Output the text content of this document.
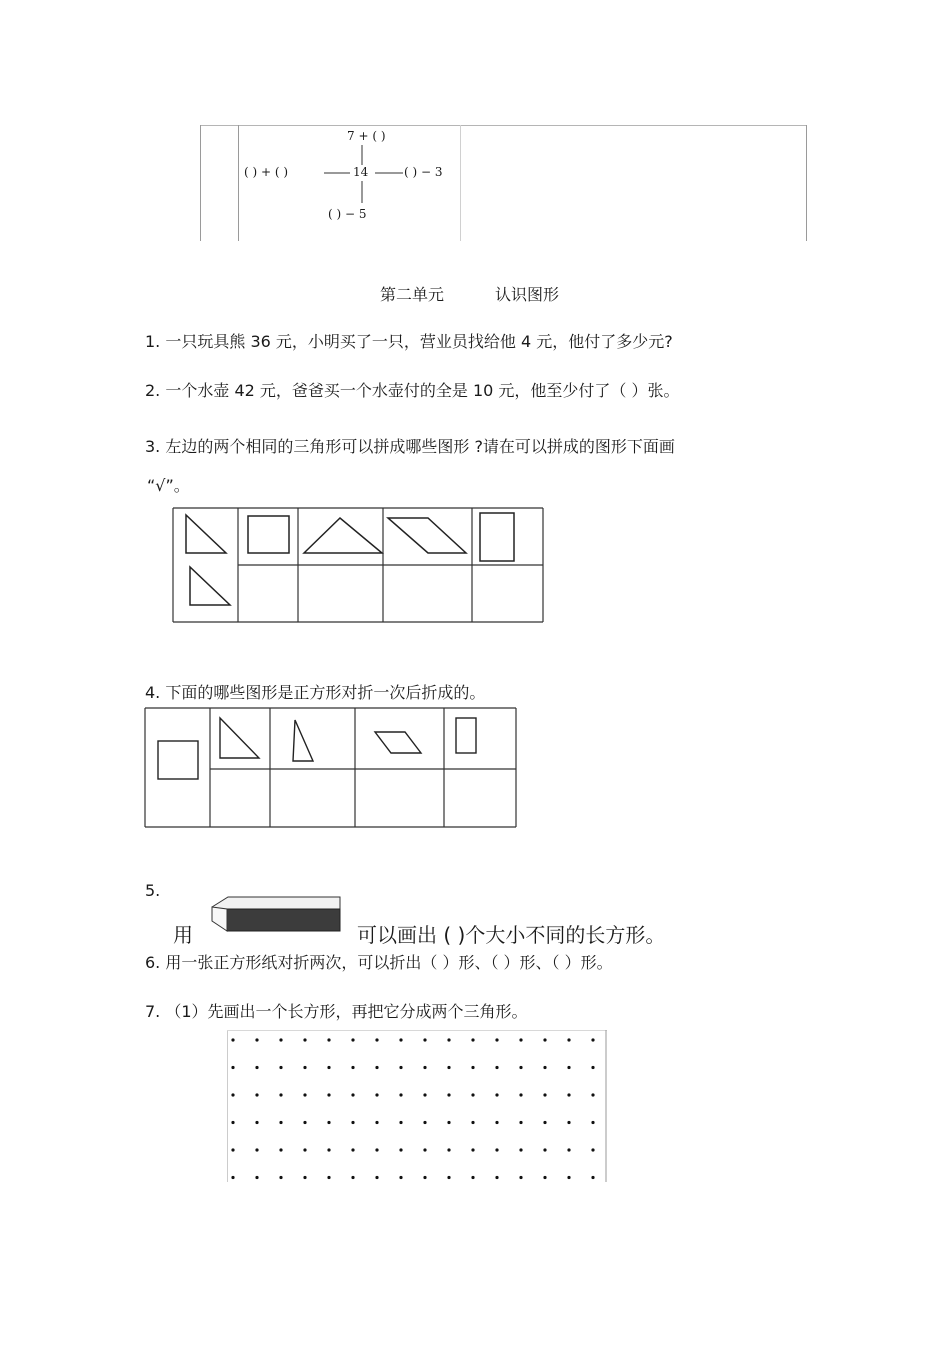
7 + ( )
( ) + ( )	14	( ) − 3
( ) − 5
第二单元	认识图形
1. 一只玩具熊 36 元，小明买了一只，营业员找给他 4 元，他付了多少元?
2. 一个水壶 42 元，爸爸买一个水壶付的全是 10 元，他至少付了（ ）张。
3. 左边的两个相同的三角形可以拼成哪些图形 ?请在可以拼成的图形下面画
“√”。
4. 下面的哪些图形是正方形对折一次后折成的。
5.
用	可以画出 ( )个大小不同的长方形。
6. 用一张正方形纸对折两次，可以折出（ ）形、（ ）形、（ ）形。
7. （1）先画出一个长方形，再把它分成两个三角形。
